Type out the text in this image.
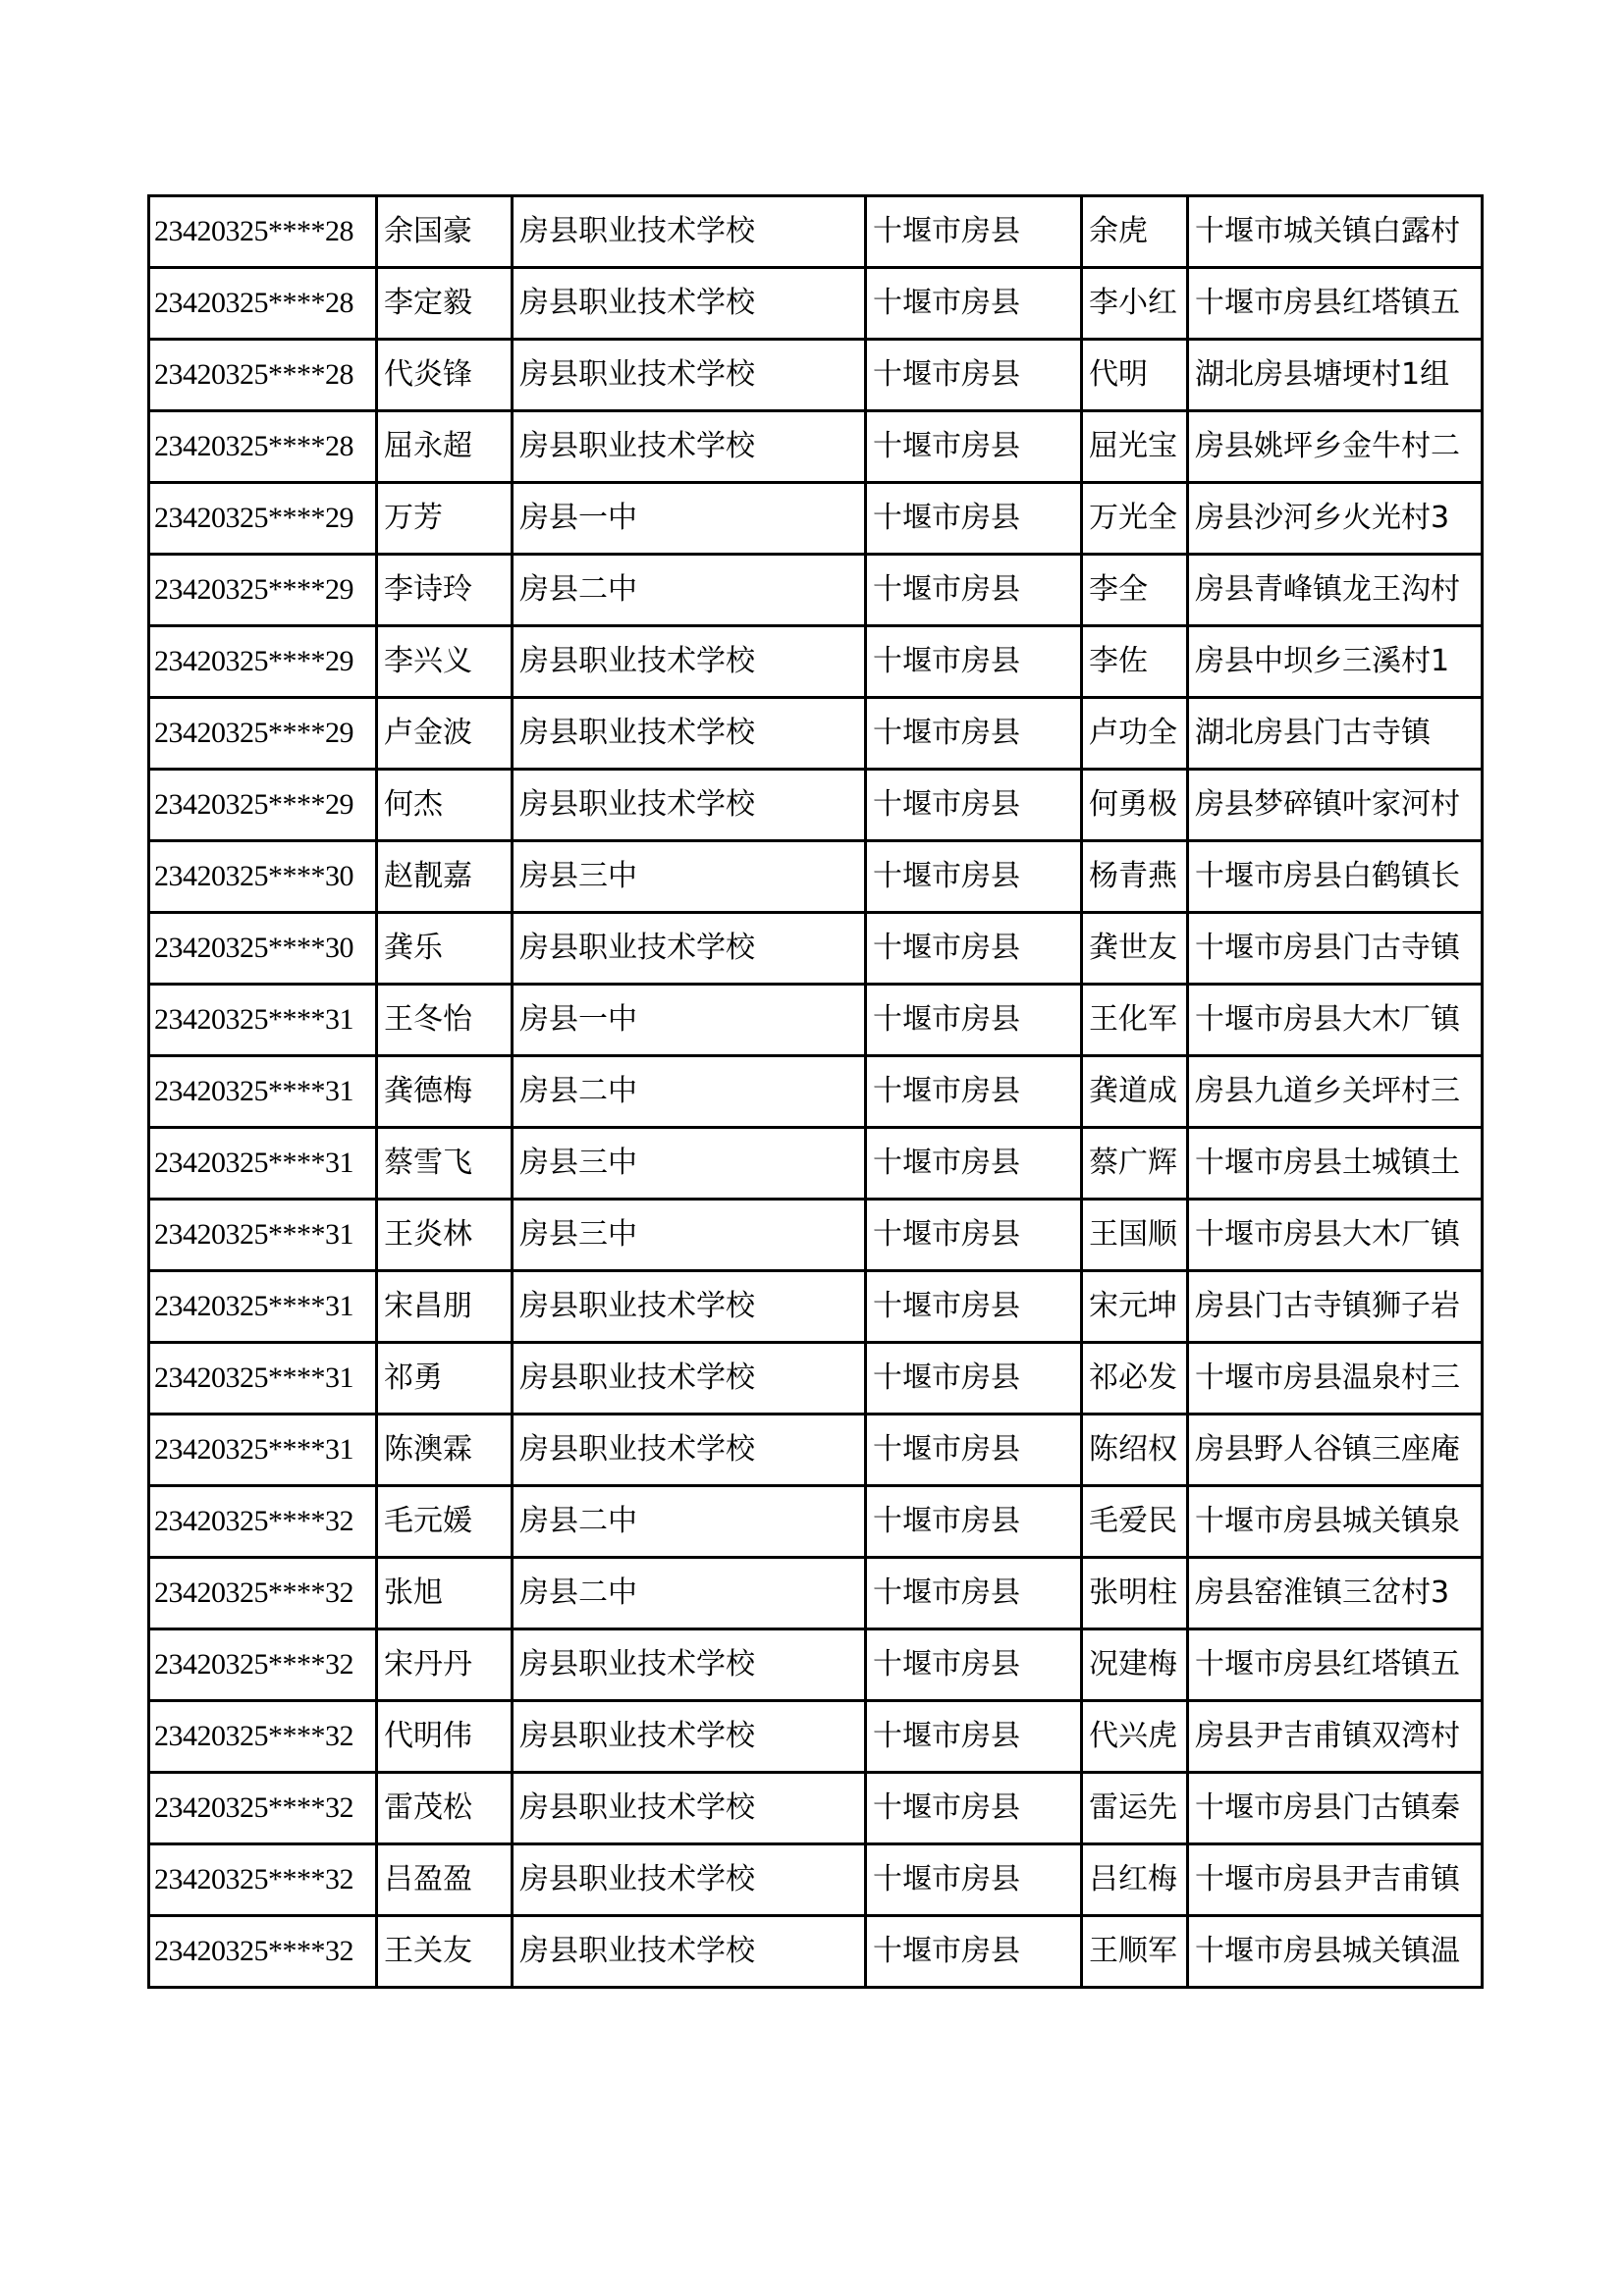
23420325****28	余国豪	房县职业技术学校	十堰市房县	余虎	十堰市城关镇白露村
23420325****28	李定毅	房县职业技术学校	十堰市房县	李小红	十堰市房县红塔镇五
23420325****28	代炎锋	房县职业技术学校	十堰市房县	代明	湖北房县塘埂村1组
23420325****28	屈永超	房县职业技术学校	十堰市房县	屈光宝	房县姚坪乡金牛村二
23420325****29	万芳	房县一中	十堰市房县	万光全	房县沙河乡火光村3
23420325****29	李诗玲	房县二中	十堰市房县	李全	房县青峰镇龙王沟村
23420325****29	李兴义	房县职业技术学校	十堰市房县	李佐	房县中坝乡三溪村1
23420325****29	卢金波	房县职业技术学校	十堰市房县	卢功全	湖北房县门古寺镇
23420325****29	何杰	房县职业技术学校	十堰市房县	何勇极	房县梦碎镇叶家河村
23420325****30	赵靓嘉	房县三中	十堰市房县	杨青燕	十堰市房县白鹤镇长
23420325****30	龚乐	房县职业技术学校	十堰市房县	龚世友	十堰市房县门古寺镇
23420325****31	王冬怡	房县一中	十堰市房县	王化军	十堰市房县大木厂镇
23420325****31	龚德梅	房县二中	十堰市房县	龚道成	房县九道乡关坪村三
23420325****31	蔡雪飞	房县三中	十堰市房县	蔡广辉	十堰市房县土城镇土
23420325****31	王炎林	房县三中	十堰市房县	王国顺	十堰市房县大木厂镇
23420325****31	宋昌朋	房县职业技术学校	十堰市房县	宋元坤	房县门古寺镇狮子岩
23420325****31	祁勇	房县职业技术学校	十堰市房县	祁必发	十堰市房县温泉村三
23420325****31	陈澳霖	房县职业技术学校	十堰市房县	陈绍权	房县野人谷镇三座庵
23420325****32	毛元媛	房县二中	十堰市房县	毛爱民	十堰市房县城关镇泉
23420325****32	张旭	房县二中	十堰市房县	张明柱	房县窑淮镇三岔村3
23420325****32	宋丹丹	房县职业技术学校	十堰市房县	况建梅	十堰市房县红塔镇五
23420325****32	代明伟	房县职业技术学校	十堰市房县	代兴虎	房县尹吉甫镇双湾村
23420325****32	雷茂松	房县职业技术学校	十堰市房县	雷运先	十堰市房县门古镇秦
23420325****32	吕盈盈	房县职业技术学校	十堰市房县	吕红梅	十堰市房县尹吉甫镇
23420325****32	王关友	房县职业技术学校	十堰市房县	王顺军	十堰市房县城关镇温
